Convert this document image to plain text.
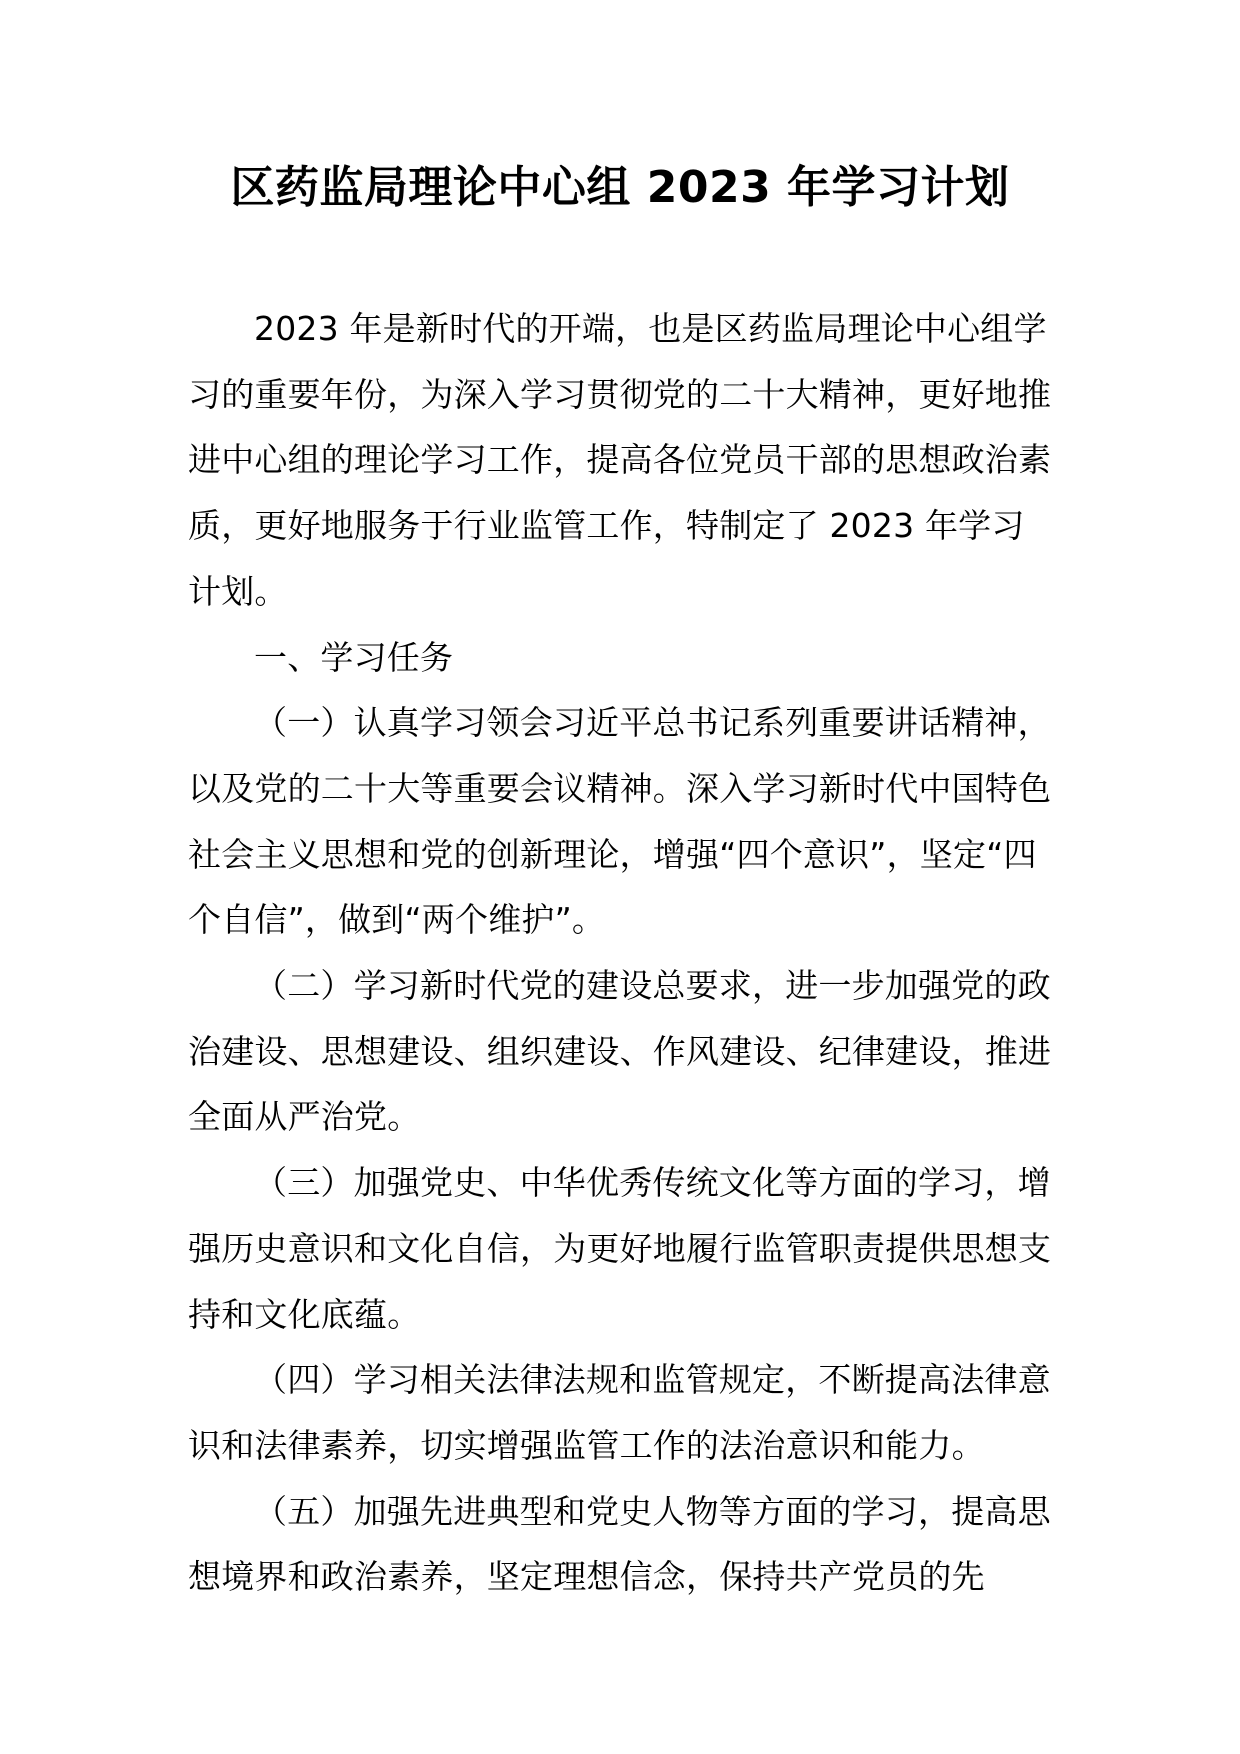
区药监局理论中心组 2023 年学习计划

2023 年是新时代的开端，也是区药监局理论中心组学习的重要年份，为深入学习贯彻党的二十大精神，更好地推进中心组的理论学习工作，提高各位党员干部的思想政治素质，更好地服务于行业监管工作，特制定了 2023 年学习计划。

一、学习任务

（一）认真学习领会习近平总书记系列重要讲话精神，以及党的二十大等重要会议精神。深入学习新时代中国特色社会主义思想和党的创新理论，增强“四个意识”，坚定“四个自信”，做到“两个维护”。

（二）学习新时代党的建设总要求，进一步加强党的政治建设、思想建设、组织建设、作风建设、纪律建设，推进全面从严治党。

（三）加强党史、中华优秀传统文化等方面的学习，增强历史意识和文化自信，为更好地履行监管职责提供思想支持和文化底蕴。

（四）学习相关法律法规和监管规定，不断提高法律意识和法律素养，切实增强监管工作的法治意识和能力。

（五）加强先进典型和党史人物等方面的学习，提高思想境界和政治素养，坚定理想信念，保持共产党员的先
